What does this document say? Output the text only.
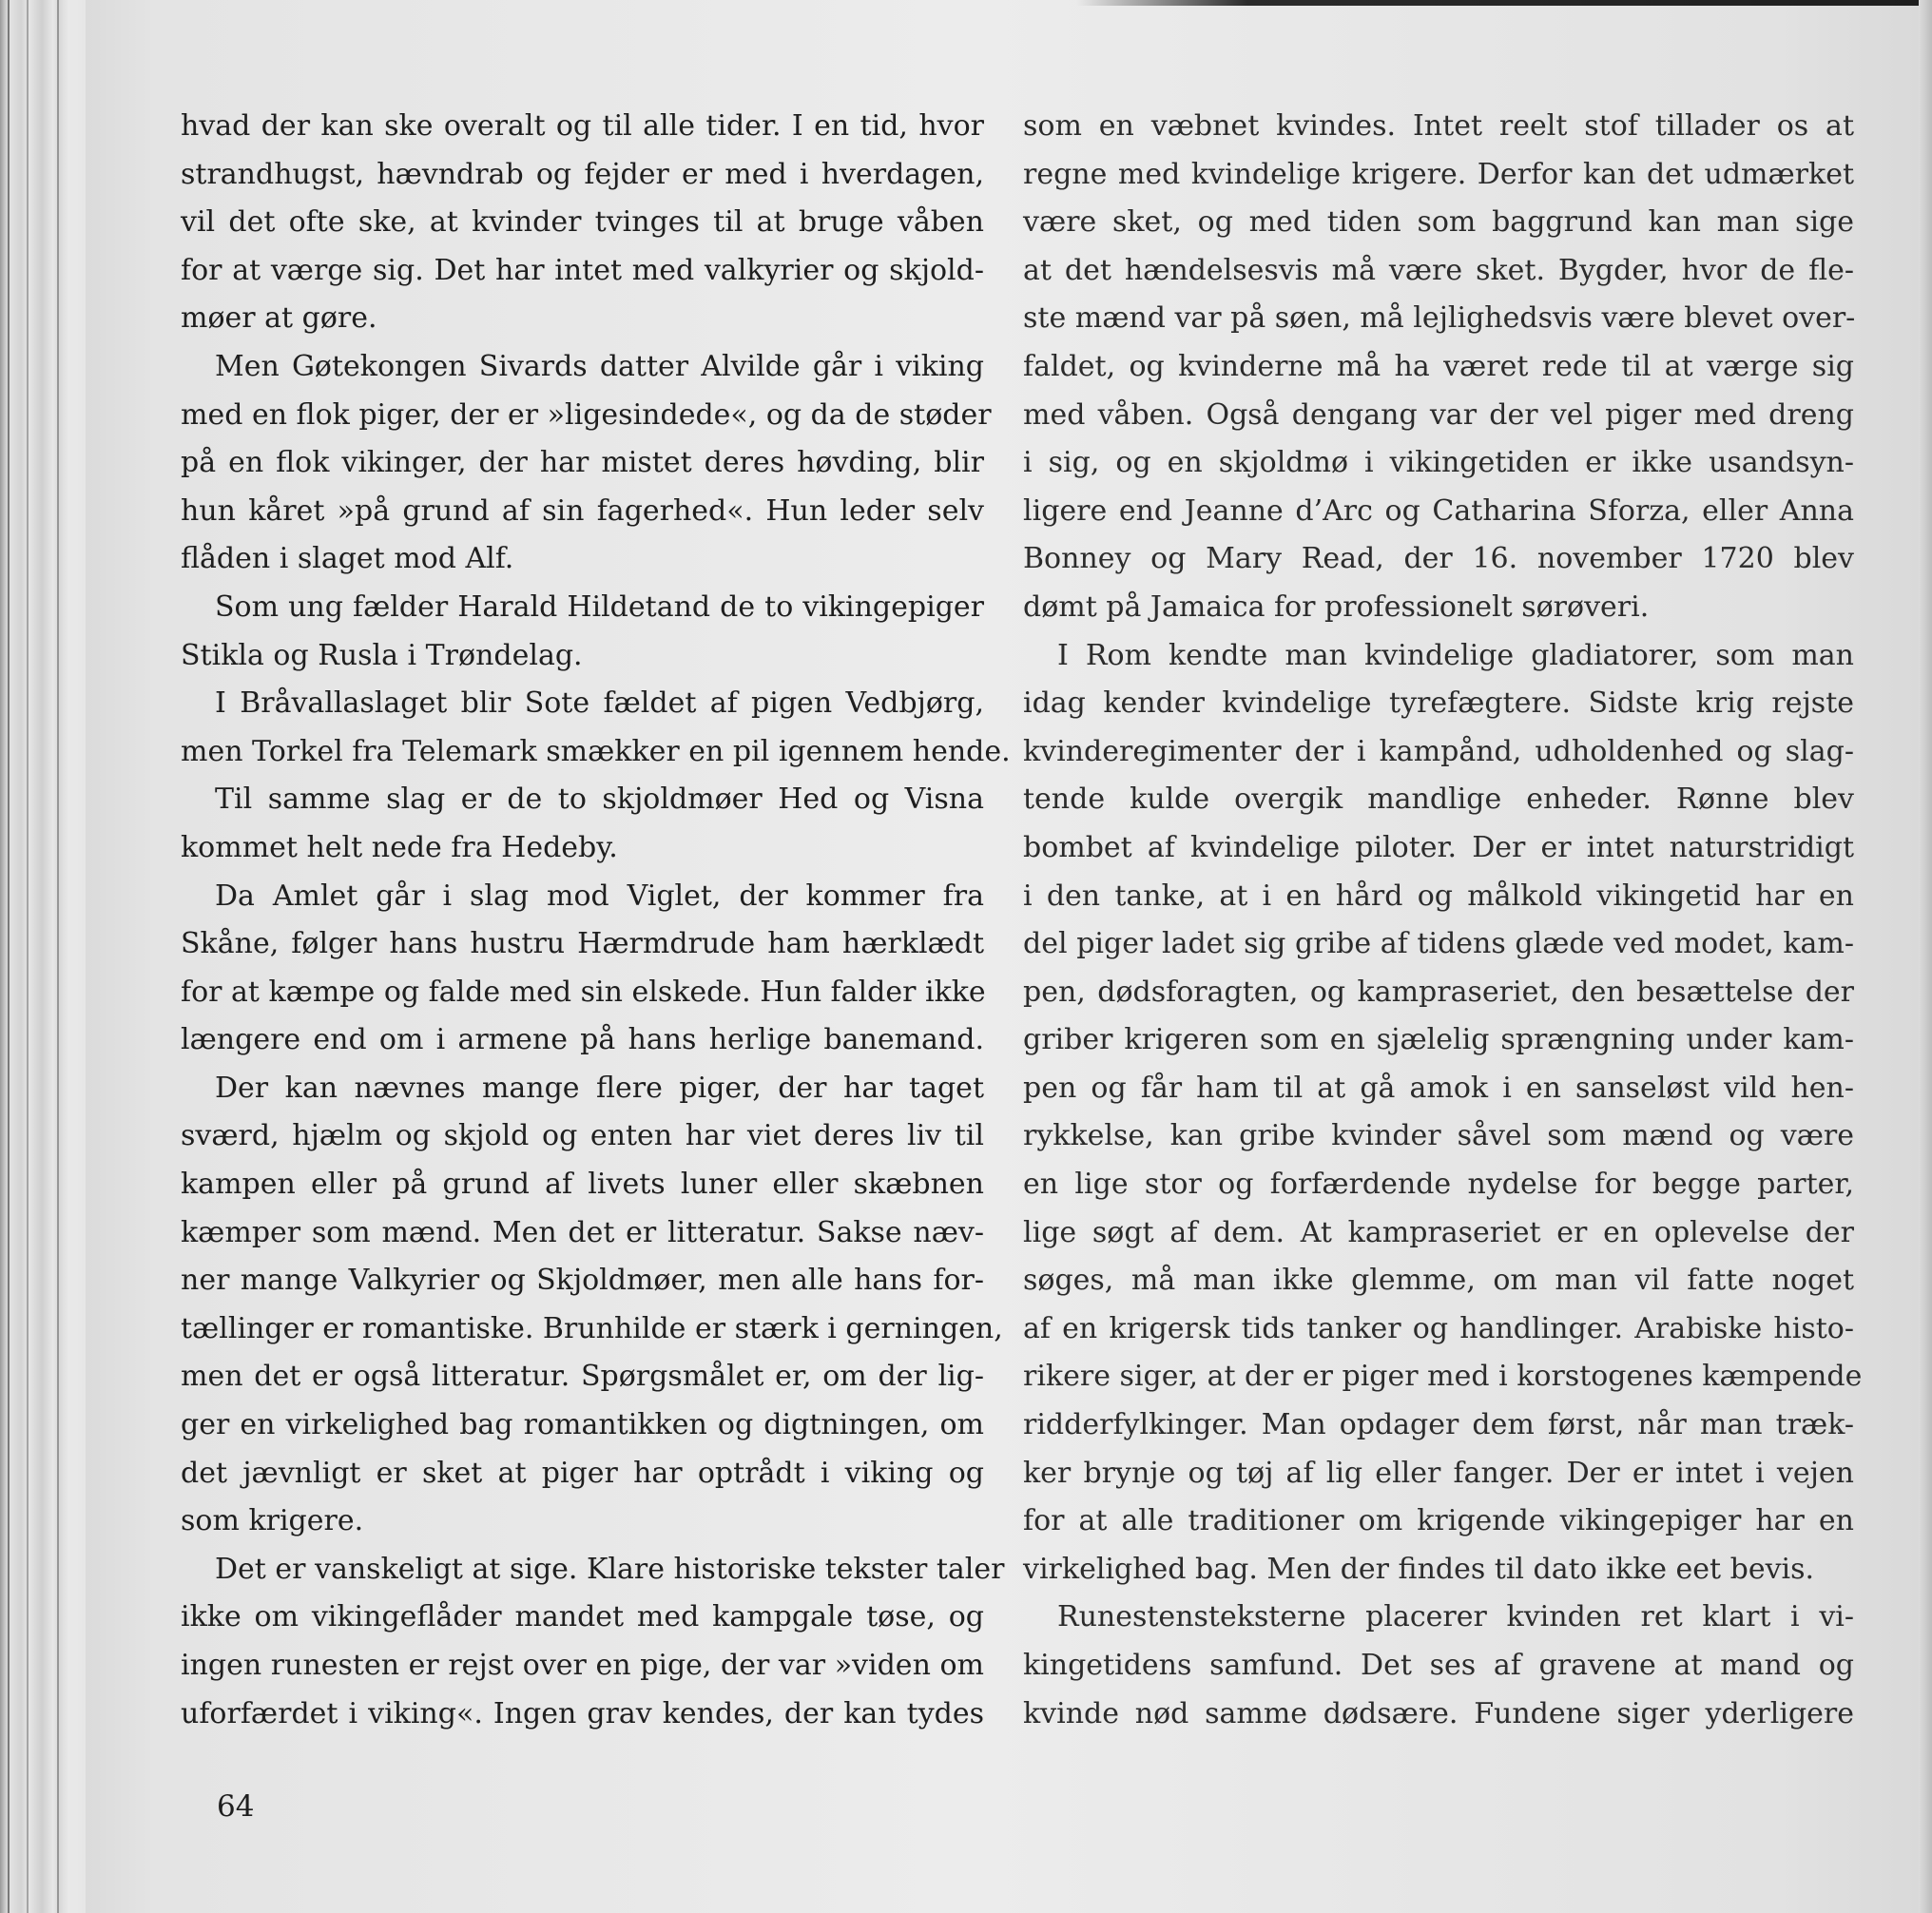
hvad der kan ske overalt og til alle tider. I en tid, hvor
strandhugst, hævndrab og fejder er med i hverdagen,
vil det ofte ske, at kvinder tvinges til at bruge våben
for at værge sig. Det har intet med valkyrier og skjold-
møer at gøre.
Men Gøtekongen Sivards datter Alvilde går i viking
med en flok piger, der er »ligesindede«, og da de støder
på en flok vikinger, der har mistet deres høvding, blir
hun kåret »på grund af sin fagerhed«. Hun leder selv
flåden i slaget mod Alf.
Som ung fælder Harald Hildetand de to vikingepiger
Stikla og Rusla i Trøndelag.
I Bråvallaslaget blir Sote fældet af pigen Vedbjørg,
men Torkel fra Telemark smækker en pil igennem hende.
Til samme slag er de to skjoldmøer Hed og Visna
kommet helt nede fra Hedeby.
Da Amlet går i slag mod Viglet, der kommer fra
Skåne, følger hans hustru Hærmdrude ham hærklædt
for at kæmpe og falde med sin elskede. Hun falder ikke
længere end om i armene på hans herlige banemand.
Der kan nævnes mange flere piger, der har taget
sværd, hjælm og skjold og enten har viet deres liv til
kampen eller på grund af livets luner eller skæbnen
kæmper som mænd. Men det er litteratur. Sakse næv-
ner mange Valkyrier og Skjoldmøer, men alle hans for-
tællinger er romantiske. Brunhilde er stærk i gerningen,
men det er også litteratur. Spørgsmålet er, om der lig-
ger en virkelighed bag romantikken og digtningen, om
det jævnligt er sket at piger har optrådt i viking og
som krigere.
Det er vanskeligt at sige. Klare historiske tekster taler
ikke om vikingeflåder mandet med kampgale tøse, og
ingen runesten er rejst over en pige, der var »viden om
uforfærdet i viking«. Ingen grav kendes, der kan tydes
som en væbnet kvindes. Intet reelt stof tillader os at
regne med kvindelige krigere. Derfor kan det udmærket
være sket, og med tiden som baggrund kan man sige
at det hændelsesvis må være sket. Bygder, hvor de fle-
ste mænd var på søen, må lejlighedsvis være blevet over-
faldet, og kvinderne må ha været rede til at værge sig
med våben. Også dengang var der vel piger med dreng
i sig, og en skjoldmø i vikingetiden er ikke usandsyn-
ligere end Jeanne d’Arc og Catharina Sforza, eller Anna
Bonney og Mary Read, der 16. november 1720 blev
dømt på Jamaica for professionelt sørøveri.
I Rom kendte man kvindelige gladiatorer, som man
idag kender kvindelige tyrefægtere. Sidste krig rejste
kvinderegimenter der i kampånd, udholdenhed og slag-
tende kulde overgik mandlige enheder. Rønne blev
bombet af kvindelige piloter. Der er intet naturstridigt
i den tanke, at i en hård og målkold vikingetid har en
del piger ladet sig gribe af tidens glæde ved modet, kam-
pen, dødsforagten, og kampraseriet, den besættelse der
griber krigeren som en sjælelig sprængning under kam-
pen og får ham til at gå amok i en sanseløst vild hen-
rykkelse, kan gribe kvinder såvel som mænd og være
en lige stor og forfærdende nydelse for begge parter,
lige søgt af dem. At kampraseriet er en oplevelse der
søges, må man ikke glemme, om man vil fatte noget
af en krigersk tids tanker og handlinger. Arabiske histo-
rikere siger, at der er piger med i korstogenes kæmpende
ridderfylkinger. Man opdager dem først, når man træk-
ker brynje og tøj af lig eller fanger. Der er intet i vejen
for at alle traditioner om krigende vikingepiger har en
virkelighed bag. Men der findes til dato ikke eet bevis.
Runestensteksterne placerer kvinden ret klart i vi-
kingetidens samfund. Det ses af gravene at mand og
kvinde nød samme dødsære. Fundene siger yderligere
64
